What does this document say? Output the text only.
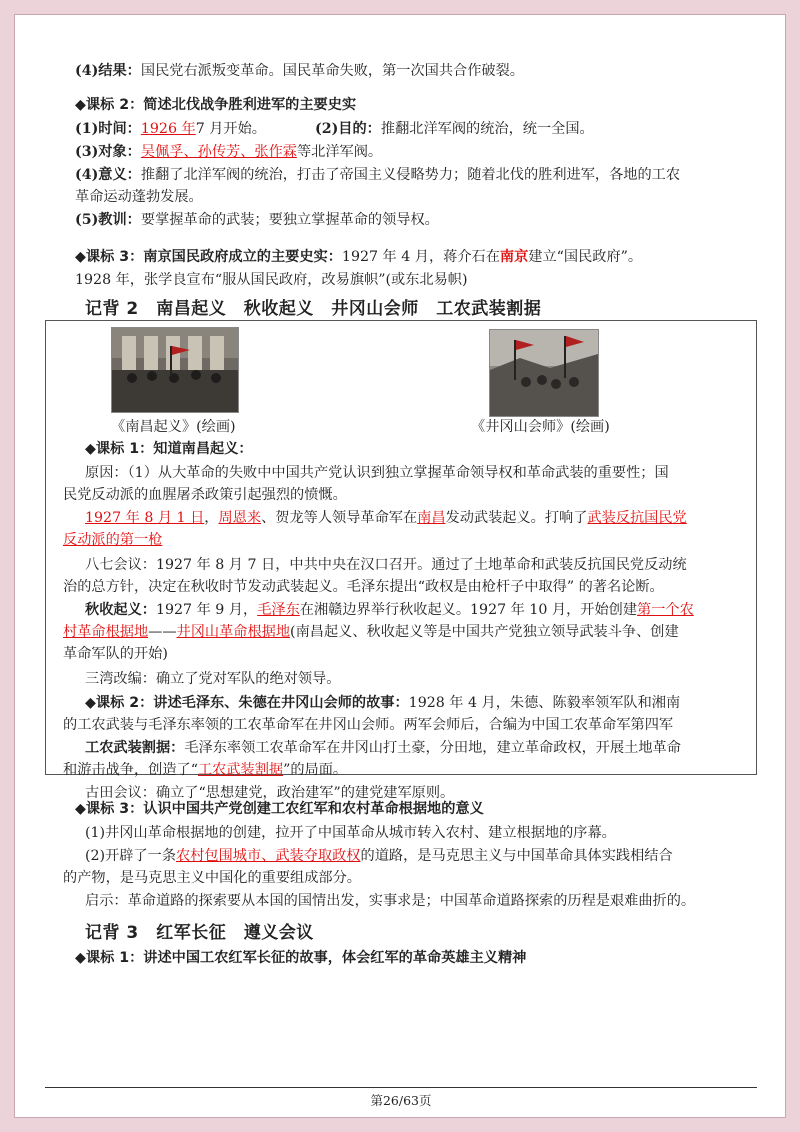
(4)结果：国民党右派叛变革命。国民革命失败，第一次国共合作破裂。
◆课标 2：简述北伐战争胜利进军的主要史实
(1)时间：1926 年7 月开始。	(2)目的：推翻北洋军阀的统治，统一全国。
(3)对象：吴佩孚、孙传芳、张作霖等北洋军阀。
(4)意义：推翻了北洋军阀的统治，打击了帝国主义侵略势力；随着北伐的胜利进军，各地的工农
革命运动蓬勃发展。
(5)教训：要掌握革命的武装；要独立掌握革命的领导权。
◆课标 3：南京国民政府成立的主要史实：1927 年 4 月，蒋介石在南京建立“国民政府”。
1928 年，张学良宣布“服从国民政府，改易旗帜”(或东北易帜)
记背 2　南昌起义　秋收起义　井冈山会师　工农武装割据
《南昌起义》(绘画)	《井冈山会师》(绘画)
◆课标 1：知道南昌起义：
原因：（1）从大革命的失败中中国共产党认识到独立掌握革命领导权和革命武装的重要性；国
民党反动派的血腥屠杀政策引起强烈的愤慨。
1927 年 8 月 1 日，周恩来、贺龙等人领导革命军在南昌发动武装起义。打响了武装反抗国民党
反动派的第一枪
八七会议：1927 年 8 月 7 日，中共中央在汉口召开。通过了土地革命和武装反抗国民党反动统
治的总方针，决定在秋收时节发动武装起义。毛泽东提出“政权是由枪杆子中取得” 的著名论断。
秋收起义：1927 年 9 月，毛泽东在湘赣边界举行秋收起义。1927 年 10 月，开始创建第一个农
村革命根据地——井冈山革命根据地(南昌起义、秋收起义等是中国共产党独立领导武装斗争、创建
革命军队的开始)
三湾改编：确立了党对军队的绝对领导。
◆课标 2：讲述毛泽东、朱德在井冈山会师的故事：1928 年 4 月，朱德、陈毅率领军队和湘南
的工农武装与毛泽东率领的工农革命军在井冈山会师。两军会师后，合编为中国工农革命军第四军
工农武装割据：毛泽东率领工农革命军在井冈山打土豪，分田地，建立革命政权，开展土地革命
和游击战争，创造了“工农武装割据”的局面。
古田会议：确立了“思想建党，政治建军”的建党建军原则。
◆课标 3：认识中国共产党创建工农红军和农村革命根据地的意义
(1)井冈山革命根据地的创建，拉开了中国革命从城市转入农村、建立根据地的序幕。
(2)开辟了一条农村包围城市、武装夺取政权的道路，是马克思主义与中国革命具体实践相结合
的产物，是马克思主义中国化的重要组成部分。
启示：革命道路的探索要从本国的国情出发，实事求是；中国革命道路探索的历程是艰难曲折的。
记背 3　红军长征　遵义会议
◆课标 1：讲述中国工农红军长征的故事，体会红军的革命英雄主义精神
第26/63页
